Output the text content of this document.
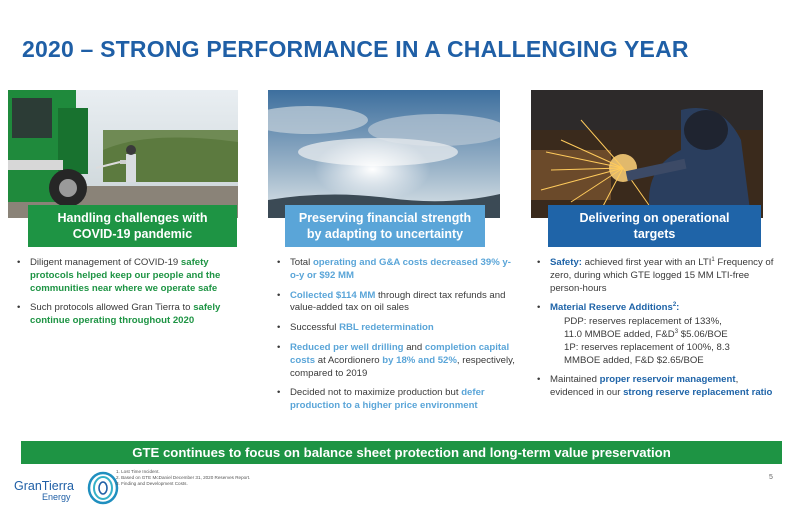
2020 – STRONG PERFORMANCE IN A CHALLENGING YEAR
Handling challenges with
COVID-19 pandemic
Preserving financial strength
by adapting to uncertainty
Delivering on operational
targets
• Diligent management of COVID-19 safety protocols helped keep our people and the communities near where we operate safe
• Such protocols allowed Gran Tierra to safely continue operating throughout 2020
• Total operating and G&A costs decreased 39% y-o-y or $92 MM
• Collected $114 MM through direct tax refunds and value-added tax on oil sales
• Successful RBL redetermination
• Reduced per well drilling and completion capital costs at Acordionero by 18% and 52%, respectively, compared to 2019
• Decided not to maximize production but defer production to a higher price environment
• Safety: achieved first year with an LTI$^1$ Frequency of zero, during which GTE logged 15 MM LTI-free person-hours
• Material Reserve Additions$^2$:
PDP: reserves replacement of 133%,
11.0 MMBOE added, $F\&D^3$ $5.06/BOE
1P: reserves replacement of 100%, 8.3
MMBOE added, F&D $2.65/BOE
• Maintained proper reservoir management, evidenced in our strong reserve replacement ratio
GTE continues to focus on balance sheet protection and long-term value preservation
GranTierra
Energy
1. Lost Time Incident.
2. Based on GTE McDaniel December 31, 2020 Reserves Report.
3. Finding and Development Costs.
5
